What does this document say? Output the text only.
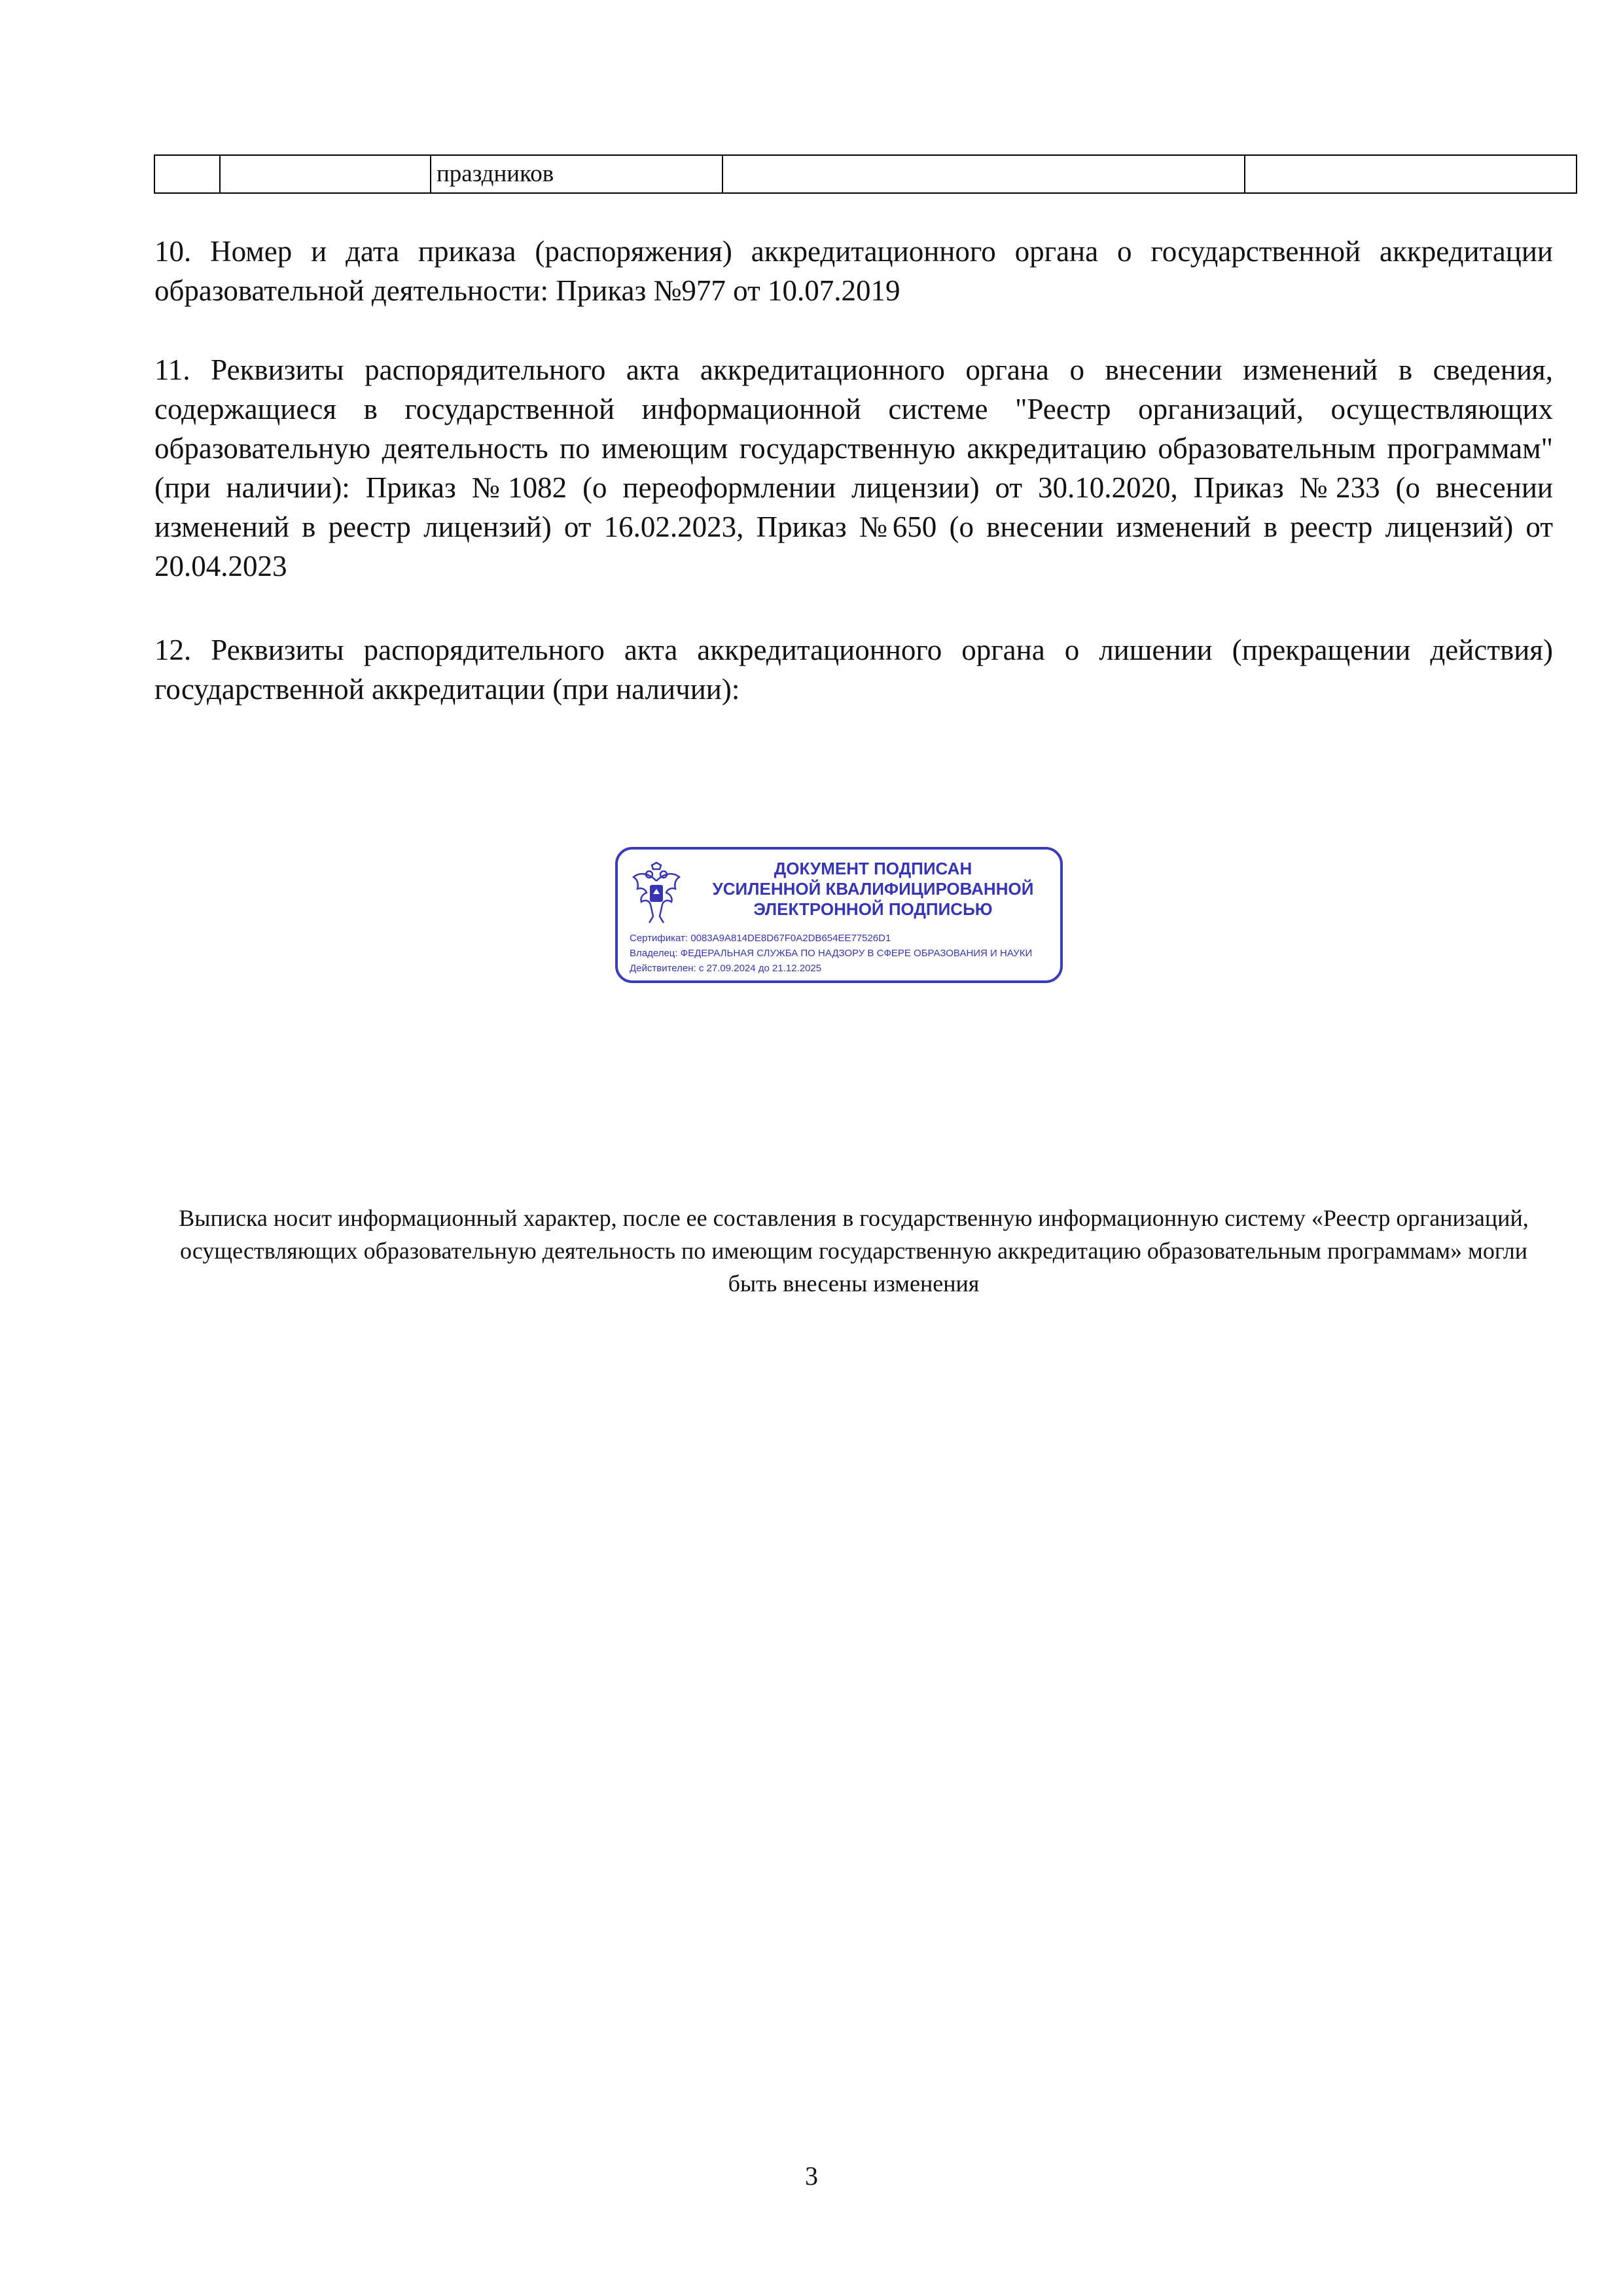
		праздников		

10. Номер и дата приказа (распоряжения) аккредитационного органа о государственной аккредитации образовательной деятельности: Приказ №977 от 10.07.2019

11. Реквизиты распорядительного акта аккредитационного органа о внесении изменений в сведения, содержащиеся в государственной информационной системе "Реестр организаций, осуществляющих образовательную деятельность по имеющим государственную аккредитацию образовательным программам" (при наличии): Приказ №1082 (о переоформлении лицензии) от 30.10.2020, Приказ №233 (о внесении изменений в реестр лицензий) от 16.02.2023, Приказ №650 (о внесении изменений в реестр лицензий) от 20.04.2023

12. Реквизиты распорядительного акта аккредитационного органа о лишении (прекращении действия) государственной аккредитации (при наличии):

ДОКУМЕНТ ПОДПИСАН
УСИЛЕННОЙ КВАЛИФИЦИРОВАННОЙ
ЭЛЕКТРОННОЙ ПОДПИСЬЮ
Сертификат: 0083A9A814DE8D67F0A2DB654EE77526D1
Владелец: ФЕДЕРАЛЬНАЯ СЛУЖБА ПО НАДЗОРУ В СФЕРЕ ОБРАЗОВАНИЯ И НАУКИ
Действителен: с 27.09.2024 до 21.12.2025

Выписка носит информационный характер, после ее составления в государственную информационную систему «Реестр организаций, осуществляющих образовательную деятельность по имеющим государственную аккредитацию образовательным программам» могли быть внесены изменения

3
